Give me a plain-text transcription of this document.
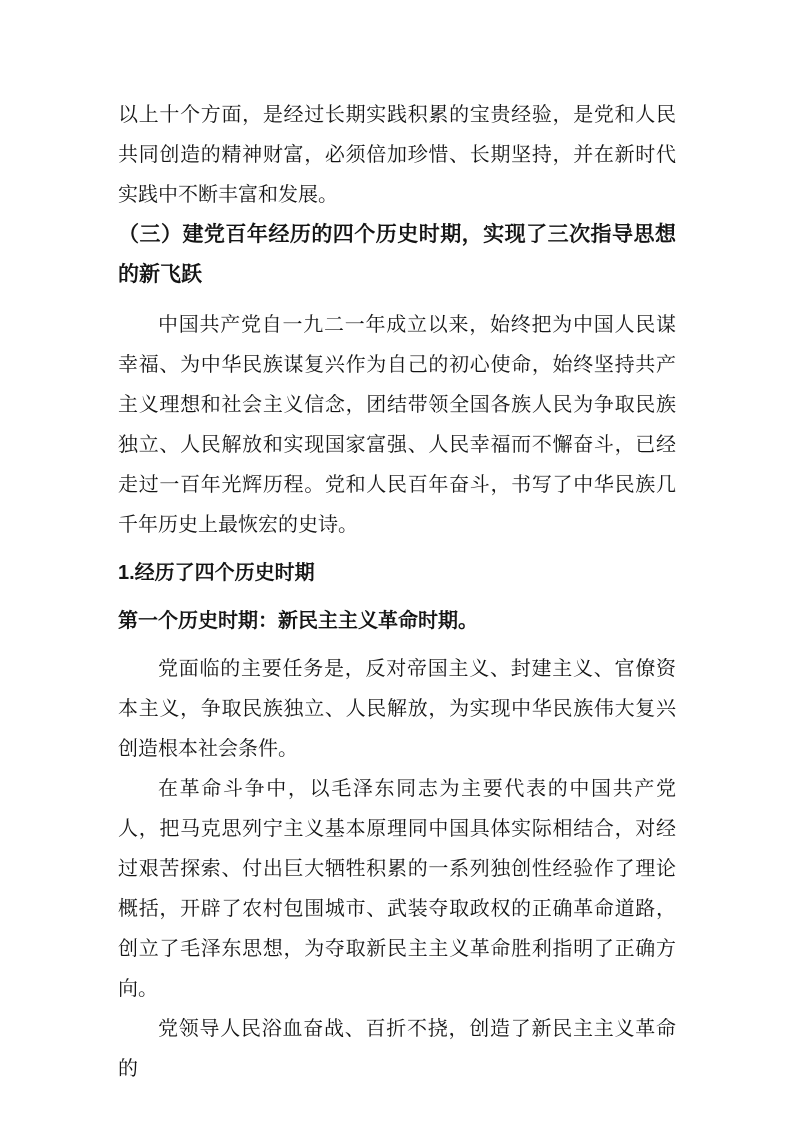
以上十个方面，是经过长期实践积累的宝贵经验，是党和人民共同创造的精神财富，必须倍加珍惜、长期坚持，并在新时代实践中不断丰富和发展。

（三）建党百年经历的四个历史时期，实现了三次指导思想的新飞跃

中国共产党自一九二一年成立以来，始终把为中国人民谋幸福、为中华民族谋复兴作为自己的初心使命，始终坚持共产主义理想和社会主义信念，团结带领全国各族人民为争取民族独立、人民解放和实现国家富强、人民幸福而不懈奋斗，已经走过一百年光辉历程。党和人民百年奋斗，书写了中华民族几千年历史上最恢宏的史诗。

1.经历了四个历史时期
第一个历史时期：新民主主义革命时期。

党面临的主要任务是，反对帝国主义、封建主义、官僚资本主义，争取民族独立、人民解放，为实现中华民族伟大复兴创造根本社会条件。

在革命斗争中，以毛泽东同志为主要代表的中国共产党人，把马克思列宁主义基本原理同中国具体实际相结合，对经过艰苦探索、付出巨大牺牲积累的一系列独创性经验作了理论概括，开辟了农村包围城市、武装夺取政权的正确革命道路，创立了毛泽东思想，为夺取新民主主义革命胜利指明了正确方向。

党领导人民浴血奋战、百折不挠，创造了新民主主义革命的
